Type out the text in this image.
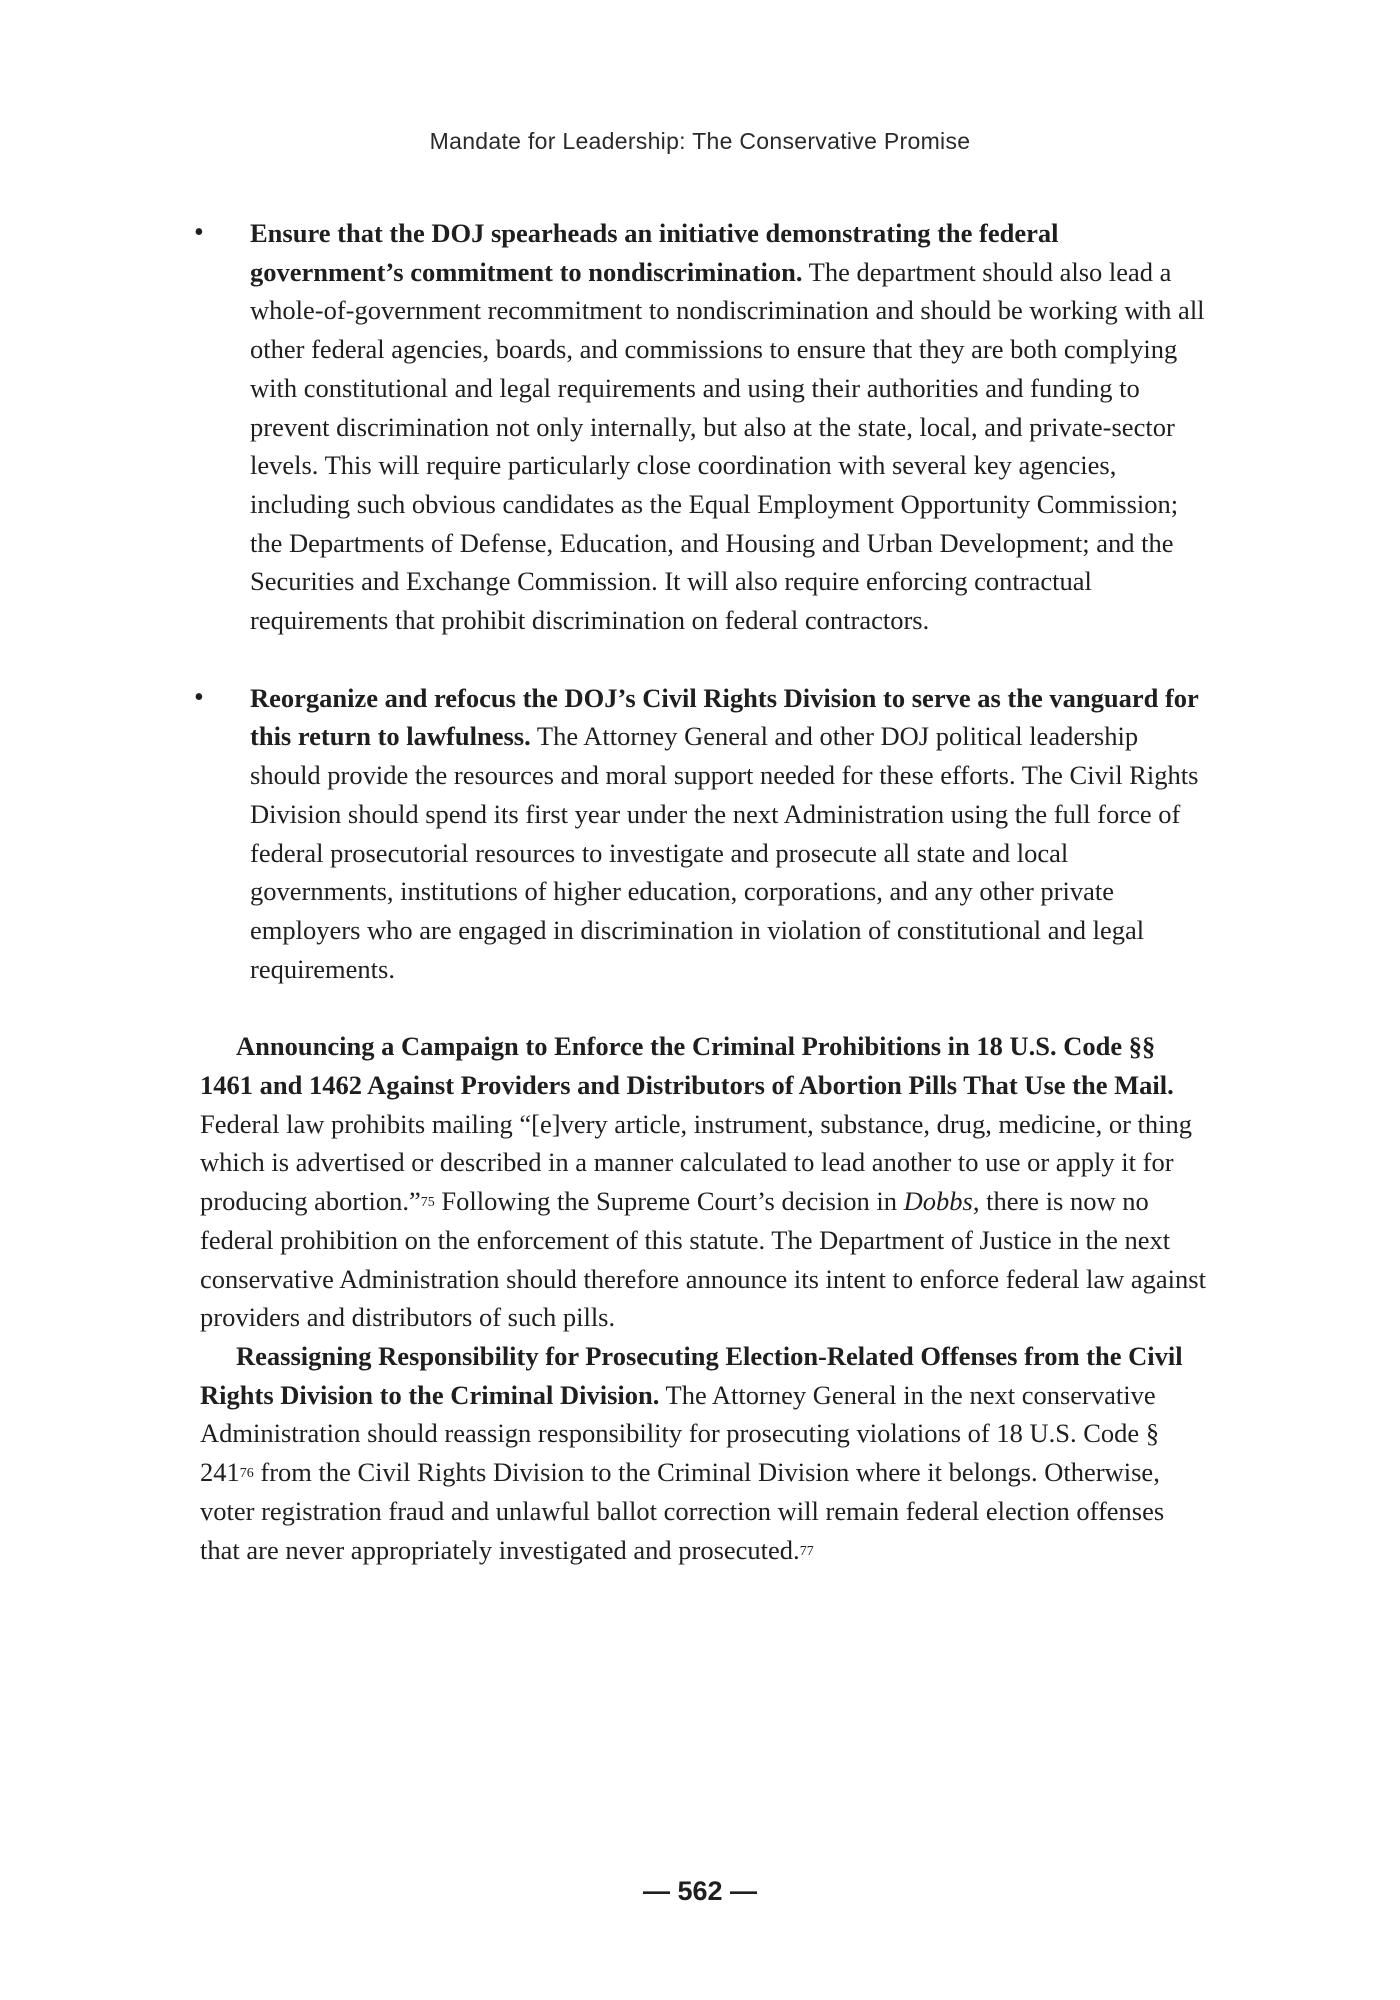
Mandate for Leadership: The Conservative Promise
• Ensure that the DOJ spearheads an initiative demonstrating the federal government’s commitment to nondiscrimination. The department should also lead a whole-of-government recommitment to nondiscrimination and should be working with all other federal agencies, boards, and commissions to ensure that they are both complying with constitutional and legal requirements and using their authorities and funding to prevent discrimination not only internally, but also at the state, local, and private-sector levels. This will require particularly close coordination with several key agencies, including such obvious candidates as the Equal Employment Opportunity Commission; the Departments of Defense, Education, and Housing and Urban Development; and the Securities and Exchange Commission. It will also require enforcing contractual requirements that prohibit discrimination on federal contractors.
• Reorganize and refocus the DOJ’s Civil Rights Division to serve as the vanguard for this return to lawfulness. The Attorney General and other DOJ political leadership should provide the resources and moral support needed for these efforts. The Civil Rights Division should spend its first year under the next Administration using the full force of federal prosecutorial resources to investigate and prosecute all state and local governments, institutions of higher education, corporations, and any other private employers who are engaged in discrimination in violation of constitutional and legal requirements.

Announcing a Campaign to Enforce the Criminal Prohibitions in 18 U.S. Code §§ 1461 and 1462 Against Providers and Distributors of Abortion Pills That Use the Mail. Federal law prohibits mailing “[e]very article, instrument, substance, drug, medicine, or thing which is advertised or described in a manner calculated to lead another to use or apply it for producing abortion.”$^{75}$ Following the Supreme Court’s decision in Dobbs, there is now no federal prohibition on the enforcement of this statute. The Department of Justice in the next conservative Administration should therefore announce its intent to enforce federal law against providers and distributors of such pills.

Reassigning Responsibility for Prosecuting Election-Related Offenses from the Civil Rights Division to the Criminal Division. The Attorney General in the next conservative Administration should reassign responsibility for prosecuting violations of 18 U.S. Code § $241^{76}$ from the Civil Rights Division to the Criminal Division where it belongs. Otherwise, voter registration fraud and unlawful ballot correction will remain federal election offenses that are never appropriately investigated and prosecuted.$^{77}$

— 562 —
